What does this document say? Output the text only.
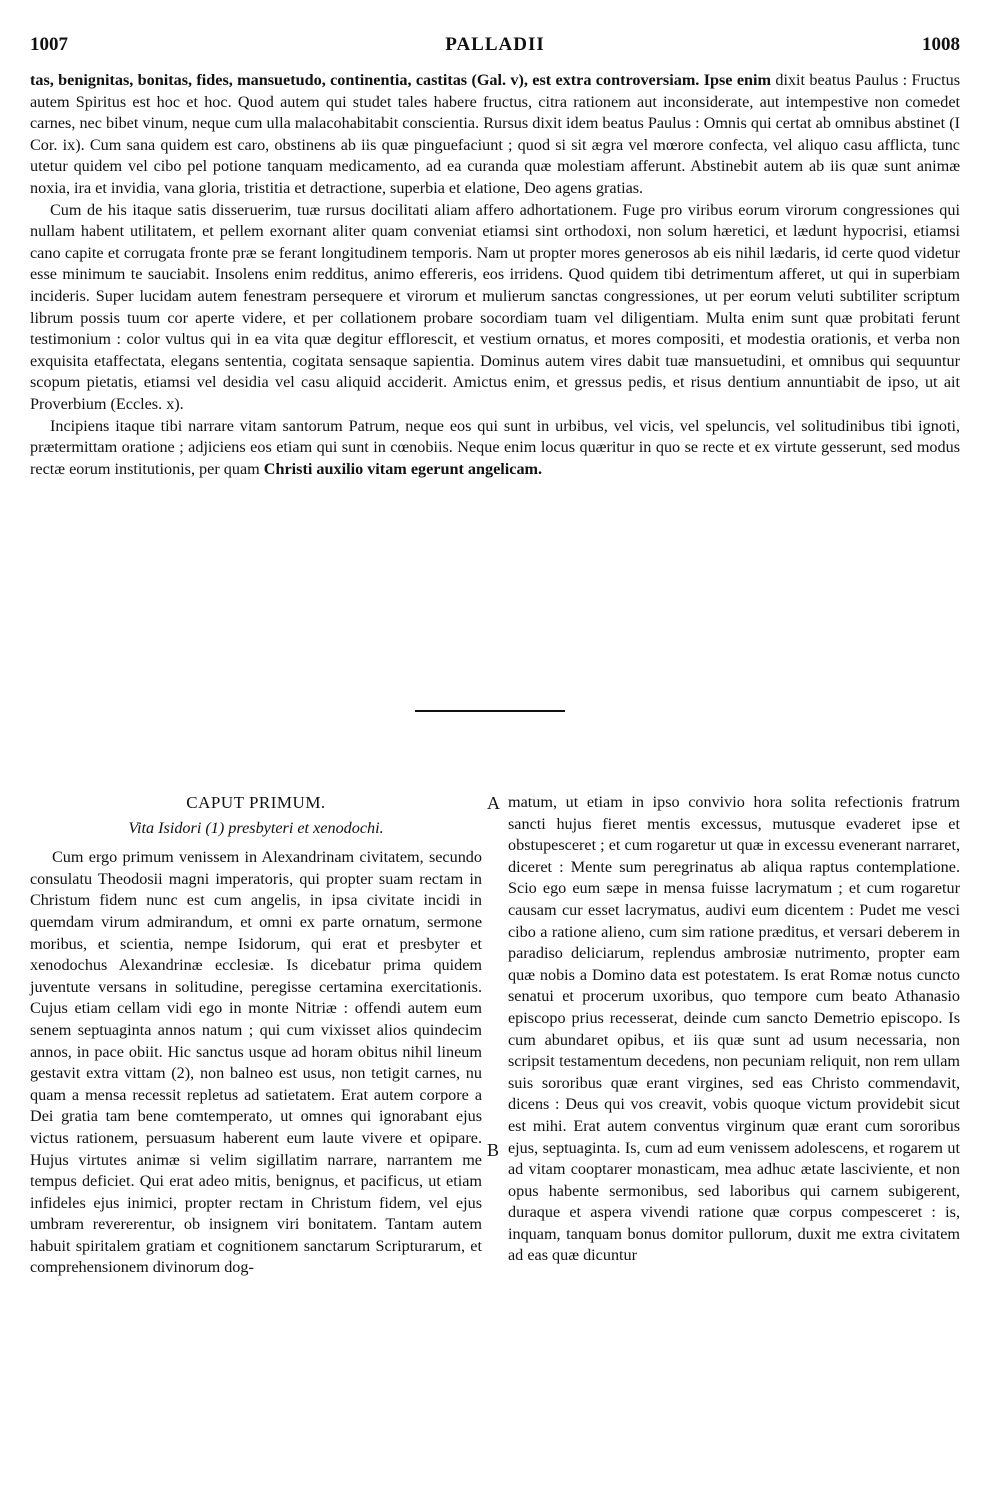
1007	PALLADII	1008

tas, benignitas, bonitas, fides, mansuetudo, continentia, castitas (Gal. v), est extra controversiam. Ipse enim dixit beatus Paulus : Fructus autem Spiritus est hoc et hoc. Quod autem qui studet tales habere fructus, citra rationem aut inconsiderate, aut intempestive non comedet carnes, nec bibet vinum, neque cum ulla malacohabitabit conscientia. Rursus dixit idem beatus Paulus : Omnis qui certat ab omnibus abstinet (I Cor. ix). Cum sana quidem est caro, obstinens ab iis quæ pinguefaciunt ; quod si sit ægra vel mœrore confecta, vel aliquo casu afflicta, tunc utetur quidem vel cibo pel potione tanquam medicamento, ad ea curanda quæ molestiam afferunt. Abstinebit autem ab iis quæ sunt animæ noxia, ira et invidia, vana gloria, tristitia et detractione, superbia et elatione, Deo agens gratias.

Cum de his itaque satis disseruerim, tuæ rursus docilitati aliam affero adhortationem. Fuge pro viribus eorum virorum congressiones qui nullam habent utilitatem, et pellem exornant aliter quam conveniat etiamsi sint orthodoxi, non solum hæretici, et lædunt hypocrisi, etiamsi cano capite et corrugata fronte præ se ferant longitudinem temporis. Nam ut propter mores generosos ab eis nihil lædaris, id certe quod videtur esse minimum te sauciabit. Insolens enim redditus, animo effereris, eos irridens. Quod quidem tibi detrimentum afferet, ut qui in superbiam incideris. Super lucidam autem fenestram persequere et virorum et mulierum sanctas congressiones, ut per eorum veluti subtiliter scriptum librum possis tuum cor aperte videre, et per collationem probare socordiam tuam vel diligentiam. Multa enim sunt quæ probitati ferunt testimonium : color vultus qui in ea vita quæ degitur efflorescit, et vestium ornatus, et mores compositi, et modestia orationis, et verba non exquisita etaffectata, elegans sententia, cogitata sensaque sapientia. Dominus autem vires dabit tuæ mansuetudini, et omnibus qui sequuntur scopum pietatis, etiamsi vel desidia vel casu aliquid acciderit. Amictus enim, et gressus pedis, et risus dentium annuntiabit de ipso, ut ait Proverbium (Eccles. x).

Incipiens itaque tibi narrare vitam santorum Patrum, neque eos qui sunt in urbibus, vel vicis, vel speluncis, vel solitudinibus tibi ignoti, prætermittam oratione ; adjiciens eos etiam qui sunt in cœnobiis. Neque enim locus quæritur in quo se recte et ex virtute gesserunt, sed modus rectæ eorum institutionis, per quam Christi auxilio vitam egerunt angelicam.

CAPUT PRIMUM.

Vita Isidori (1) presbyteri et xenodochi.

Cum ergo primum venissem in Alexandrinam civitatem, secundo consulatu Theodosii magni imperatoris, qui propter suam rectam in Christum fidem nunc est cum angelis, in ipsa civitate incidi in quemdam virum admirandum, et omni ex parte ornatum, sermone moribus, et scientia, nempe Isidorum, qui erat et presbyter et xenodochus Alexandrinæ ecclesiæ. Is dicebatur prima quidem juventute versans in solitudine, peregisse certamina exercitationis. Cujus etiam cellam vidi ego in monte Nitriæ : offendi autem eum senem septuaginta annos natum ; qui cum vixisset alios quindecim annos, in pace obiit. Hic sanctus usque ad horam obitus nihil lineum gestavit extra vittam (2), non balneo est usus, non tetigit carnes, nu quam a mensa recessit repletus ad satietatem. Erat autem corpore a Dei gratia tam bene comtemperato, ut omnes qui ignorabant ejus victus rationem, persuasum haberent eum laute vivere et opipare. Hujus virtutes animæ si velim sigillatim narrare, narrantem me tempus deficiet. Qui erat adeo mitis, benignus, et pacificus, ut etiam infideles ejus inimici, propter rectam in Christum fidem, vel ejus umbram revererentur, ob insignem viri bonitatem. Tantam autem habuit spiritalem gratiam et cognitionem sanctarum Scripturarum, et comprehensionem divinorum dog-

A
B

matum, ut etiam in ipso convivio hora solita refectionis fratrum sancti hujus fieret mentis excessus, mutusque evaderet ipse et obstupesceret ; et cum rogaretur ut quæ in excessu evenerant narraret, diceret : Mente sum peregrinatus ab aliqua raptus contemplatione. Scio ego eum sæpe in mensa fuisse lacrymatum ; et cum rogaretur causam cur esset lacrymatus, audivi eum dicentem : Pudet me vesci cibo a ratione alieno, cum sim ratione præditus, et versari deberem in paradiso deliciarum, replendus ambrosiæ nutrimento, propter eam quæ nobis a Domino data est potestatem. Is erat Romæ notus cuncto senatui et procerum uxoribus, quo tempore cum beato Athanasio episcopo prius recesserat, deinde cum sancto Demetrio episcopo. Is cum abundaret opibus, et iis quæ sunt ad usum necessaria, non scripsit testamentum decedens, non pecuniam reliquit, non rem ullam suis sororibus quæ erant virgines, sed eas Christo commendavit, dicens : Deus qui vos creavit, vobis quoque victum providebit sicut est mihi. Erat autem conventus virginum quæ erant cum sororibus ejus, septuaginta. Is, cum ad eum venissem adolescens, et rogarem ut ad vitam cooptarer monasticam, mea adhuc ætate lasciviente, et non opus habente sermonibus, sed laboribus qui carnem subigerent, duraque et aspera vivendi ratione quæ corpus compesceret : is, inquam, tanquam bonus domitor pullorum, duxit me extra civitatem ad eas quæ dicuntur
